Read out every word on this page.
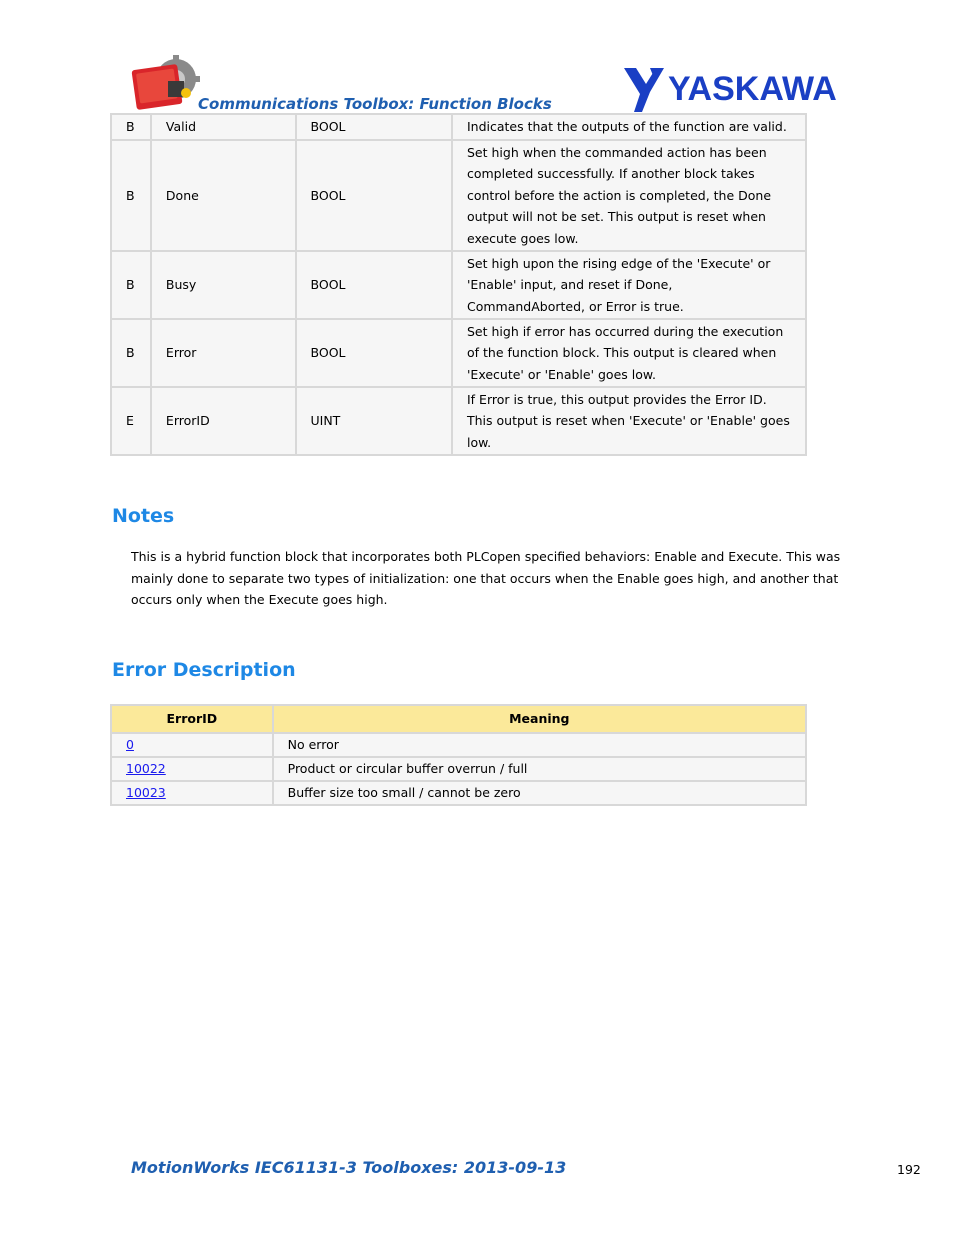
Communications Toolbox: Function Blocks	YASKAWA
B	Valid	BOOL	Indicates that the outputs of the function are valid.
B	Done	BOOL	Set high when the commanded action has been completed successfully. If another block takes control before the action is completed, the Done output will not be set. This output is reset when execute goes low.
B	Busy	BOOL	Set high upon the rising edge of the 'Execute' or 'Enable' input, and reset if Done, CommandAborted, or Error is true.
B	Error	BOOL	Set high if error has occurred during the execution of the function block. This output is cleared when 'Execute' or 'Enable' goes low.
E	ErrorID	UINT	If Error is true, this output provides the Error ID. This output is reset when 'Execute' or 'Enable' goes low.
Notes
This is a hybrid function block that incorporates both PLCopen specified behaviors: Enable and Execute. This was mainly done to separate two types of initialization: one that occurs when the Enable goes high, and another that occurs only when the Execute goes high.
Error Description
ErrorID	Meaning
0	No error
10022	Product or circular buffer overrun / full
10023	Buffer size too small / cannot be zero
MotionWorks IEC61131-3 Toolboxes: 2013-09-13	192
